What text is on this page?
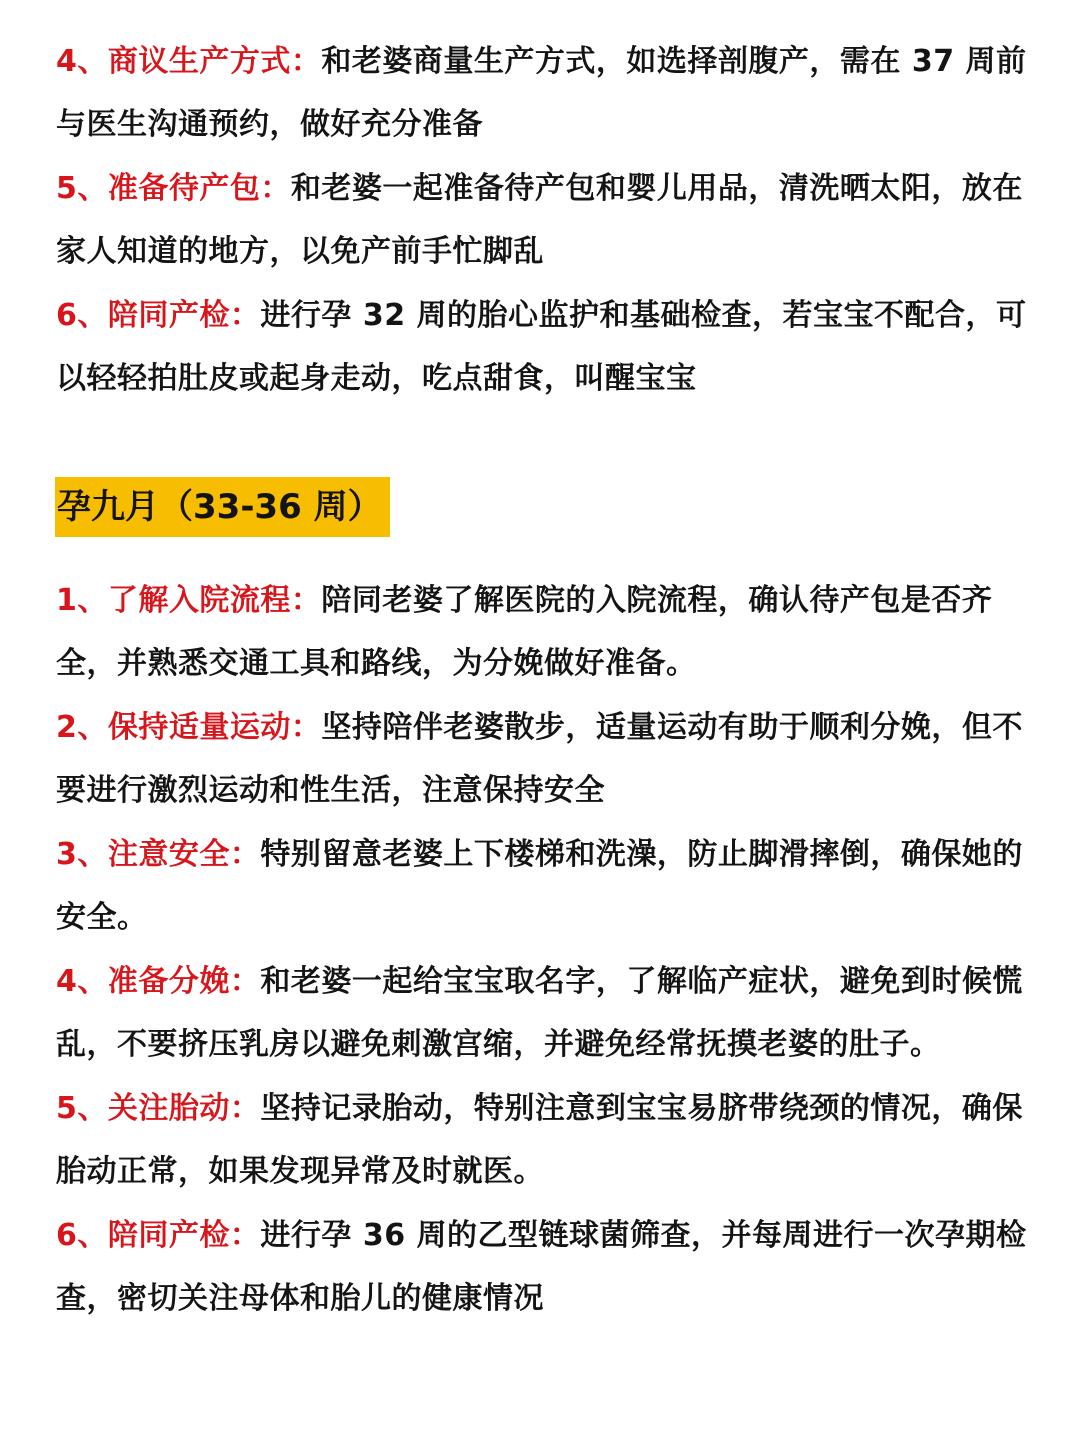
4、商议生产方式：和老婆商量生产方式，如选择剖腹产，需在 37 周前与医生沟通预约，做好充分准备

5、准备待产包：和老婆一起准备待产包和婴儿用品，清洗晒太阳，放在家人知道的地方，以免产前手忙脚乱

6、陪同产检：进行孕 32 周的胎心监护和基础检查，若宝宝不配合，可以轻轻拍肚皮或起身走动，吃点甜食，叫醒宝宝

孕九月（33-36 周）

1、了解入院流程：陪同老婆了解医院的入院流程，确认待产包是否齐全，并熟悉交通工具和路线，为分娩做好准备。

2、保持适量运动：坚持陪伴老婆散步，适量运动有助于顺利分娩，但不要进行激烈运动和性生活，注意保持安全

3、注意安全：特别留意老婆上下楼梯和洗澡，防止脚滑摔倒，确保她的安全。

4、准备分娩：和老婆一起给宝宝取名字，了解临产症状，避免到时候慌乱，不要挤压乳房以避免刺激宫缩，并避免经常抚摸老婆的肚子。

5、关注胎动：坚持记录胎动，特别注意到宝宝易脐带绕颈的情况，确保胎动正常，如果发现异常及时就医。

6、陪同产检：进行孕 36 周的乙型链球菌筛查，并每周进行一次孕期检查，密切关注母体和胎儿的健康情况
